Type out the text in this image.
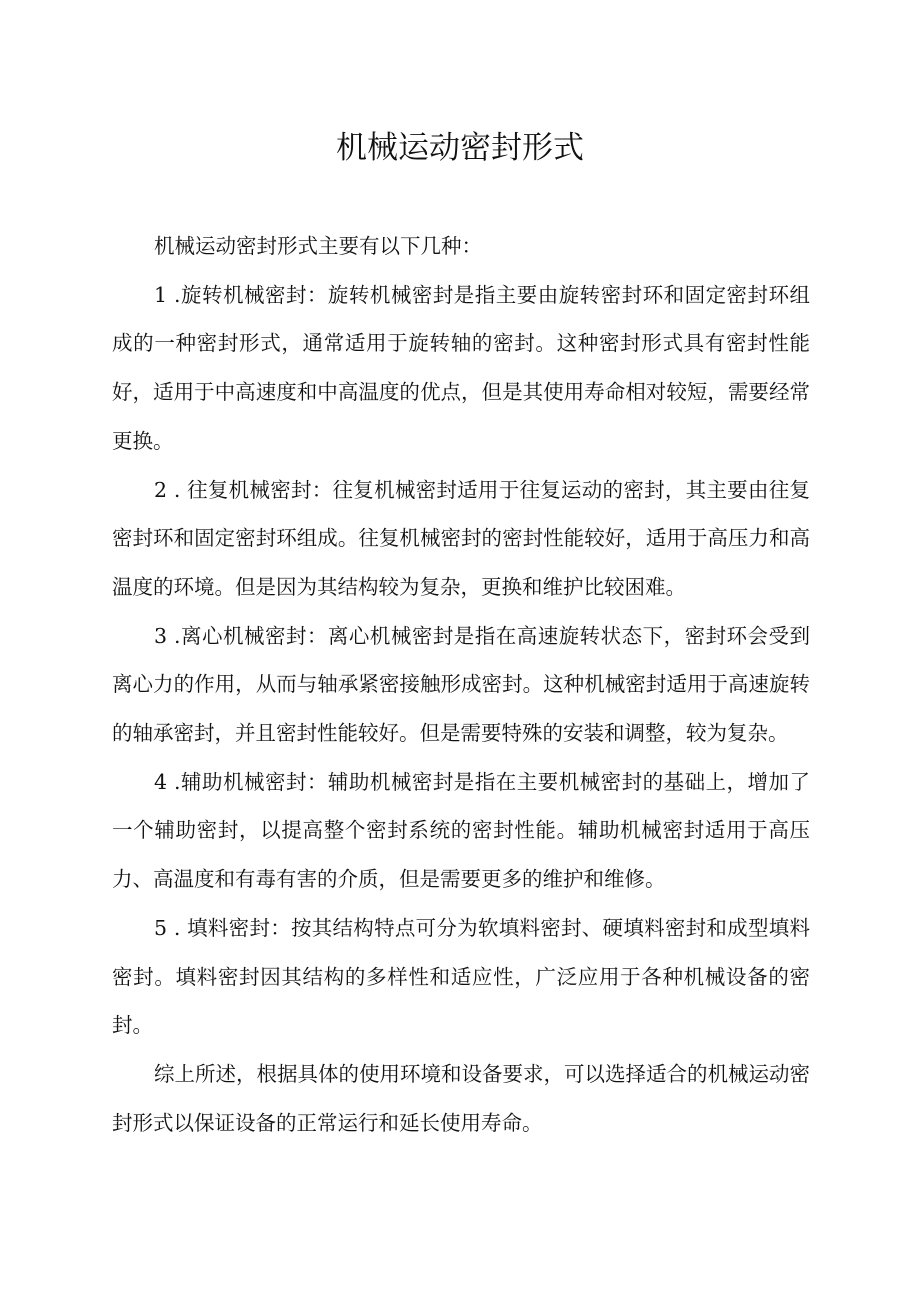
机械运动密封形式

机械运动密封形式主要有以下几种：

1 .旋转机械密封：旋转机械密封是指主要由旋转密封环和固定密封环组成的一种密封形式，通常适用于旋转轴的密封。这种密封形式具有密封性能好，适用于中高速度和中高温度的优点，但是其使用寿命相对较短，需要经常更换。

2 . 往复机械密封：往复机械密封适用于往复运动的密封，其主要由往复密封环和固定密封环组成。往复机械密封的密封性能较好，适用于高压力和高温度的环境。但是因为其结构较为复杂，更换和维护比较困难。

3 .离心机械密封：离心机械密封是指在高速旋转状态下，密封环会受到离心力的作用，从而与轴承紧密接触形成密封。这种机械密封适用于高速旋转的轴承密封，并且密封性能较好。但是需要特殊的安装和调整，较为复杂。

4 .辅助机械密封：辅助机械密封是指在主要机械密封的基础上，增加了一个辅助密封，以提高整个密封系统的密封性能。辅助机械密封适用于高压力、高温度和有毒有害的介质，但是需要更多的维护和维修。

5 . 填料密封：按其结构特点可分为软填料密封、硬填料密封和成型填料密封。填料密封因其结构的多样性和适应性，广泛应用于各种机械设备的密封。

综上所述，根据具体的使用环境和设备要求，可以选择适合的机械运动密封形式以保证设备的正常运行和延长使用寿命。
